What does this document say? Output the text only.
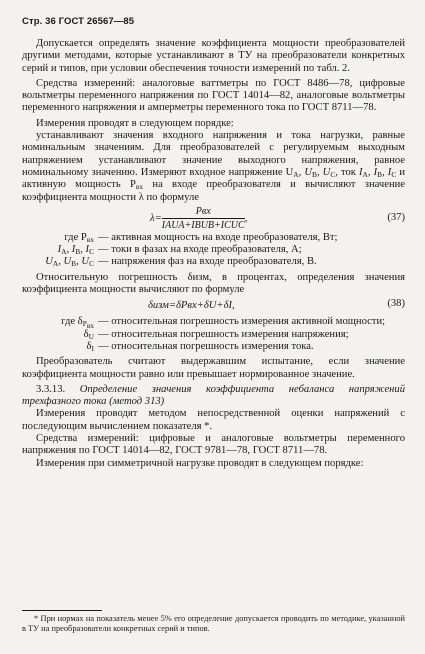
Стр. 36 ГОСТ 26567—85

Допускается определять значение коэффициента мощности преобразователей другими методами, которые устанавливают в ТУ на преобразователи конкретных серий и типов, при условии обеспечения точности измерений по табл. 2.

Средства измерений: аналоговые ваттметры по ГОСТ 8486—78, цифровые вольтметры переменного напряжения по ГОСТ 14014—82, аналоговые вольтметры переменного напряжения и амперметры переменного тока по ГОСТ 8711—78.

Измерения проводят в следующем порядке:

устанавливают значения входного напряжения и тока нагрузки, равные номинальным значениям. Для преобразователей с регулируемым выходным напряжением устанавливают значение выходного напряжения, равное номинальному значению. Измеряют входное напряжение $U_A$, $U_B$, $U_C$, ток $I_A$, $I_B$, $I_C$ и активную мощность $P_{вх}$ на входе преобразователя и вычисляют значение коэффициента мощности λ по формуле

$\lambda= \frac{\text{Pвх}}{\text{IAUA+IBUB+ICUC}}$ ,	(37)
где $P_{вх}$ — активная мощность на входе преобразователя, Вт;
$I_A$, $I_B$, $I_C$ — токи в фазах на входе преобразователя, А;
$U_A$, $U_B$, $U_C$ — напряжения фаз на входе преобразователя, В.

Относительную погрешность δизм, в процентах, определения значения коэффициента мощности вычисляют по формуле

δизм=δPвх+δU+δI,	(38)
где $\delta_{P_{вх}}$ — относительная погрешность измерения активной мощности;
$\delta_U$ — относительная погрешность измерения напряжения;
$\delta_I$ — относительная погрешность измерения тока.

Преобразователь считают выдержавшим испытание, если значение коэффициента мощности равно или превышает нормированное значение.

3.3.13. Определение значения коэффициента небаланса напряжений трехфазного тока (метод 313)

Измерения проводят методом непосредственной оценки напряжений с последующим вычислением показателя *.

Средства измерений: цифровые и аналоговые вольтметры переменного напряжения по ГОСТ 14014—82, ГОСТ 9781—78, ГОСТ 8711—78.

Измерения при симметричной нагрузке проводят в следующем порядке:

* При нормах на показатель менее 5% его определение допускается проводить по методике, указанной в ТУ на преобразователи конкретных серий и типов.
